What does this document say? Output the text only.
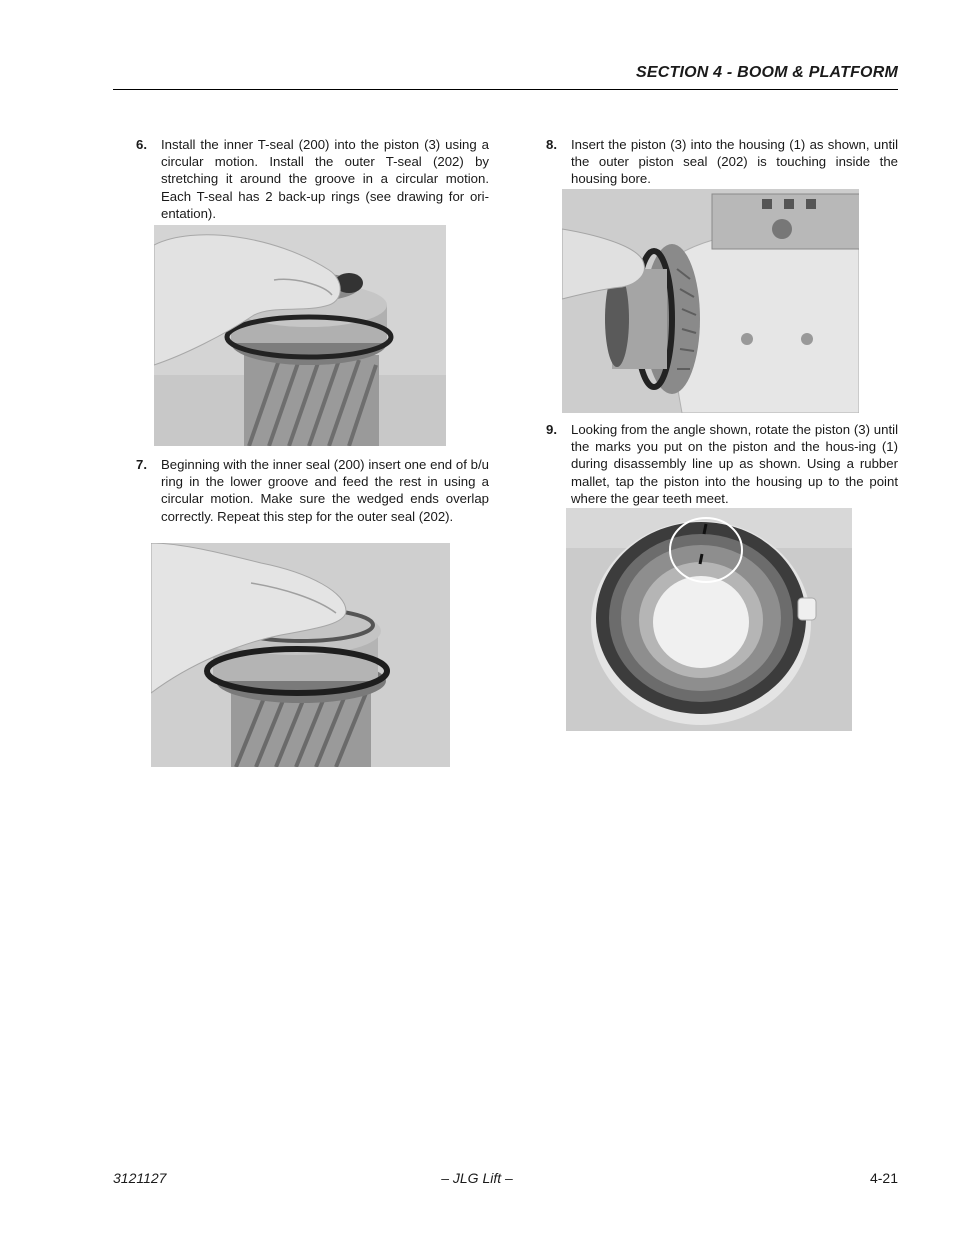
SECTION 4 - BOOM & PLATFORM
6. Install the inner T-seal (200) into the piston (3) using a circular motion. Install the outer T-seal (202) by stretching it around the groove in a circular motion. Each T-seal has 2 back-up rings (see drawing for ori-entation).
7. Beginning with the inner seal (200) insert one end of b/u ring in the lower groove and feed the rest in using a circular motion. Make sure the wedged ends overlap correctly. Repeat this step for the outer seal (202).
8. Insert the piston (3) into the housing (1) as shown, until the outer piston seal (202) is touching inside the housing bore.
9. Looking from the angle shown, rotate the piston (3) until the marks you put on the piston and the hous-ing (1) during disassembly line up as shown. Using a rubber mallet, tap the piston into the housing up to the point where the gear teeth meet.
3121127	– JLG Lift –	4-21
